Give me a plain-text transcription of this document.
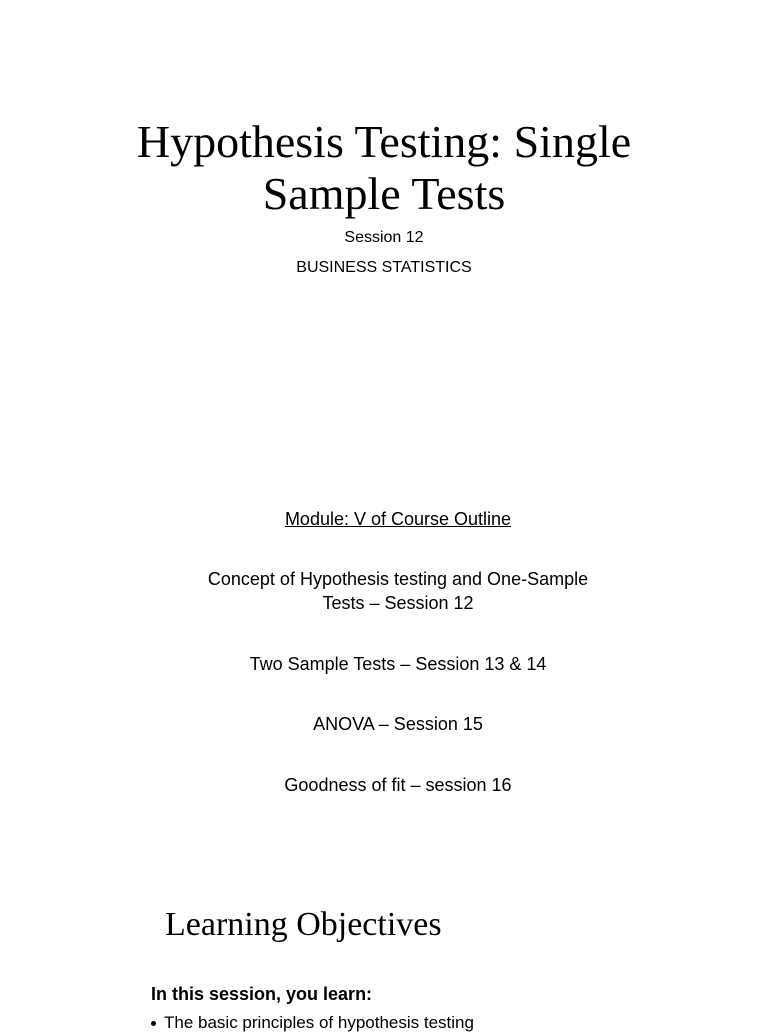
Hypothesis Testing: Single
Sample Tests
Session 12
BUSINESS STATISTICS
Module: V of Course Outline
Concept of Hypothesis testing and One-Sample
Tests – Session 12
Two Sample Tests – Session 13 & 14
ANOVA – Session 15
Goodness of fit – session 16
Learning Objectives
In this session, you learn:
The basic principles of hypothesis testing
